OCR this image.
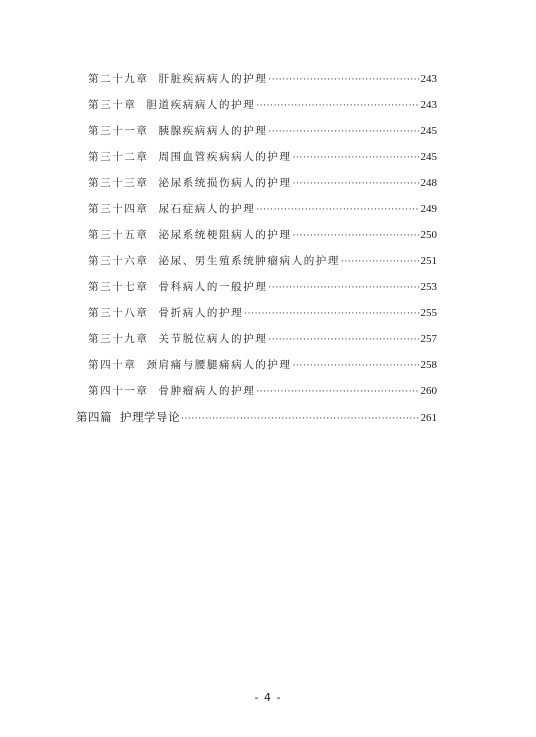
第二十九章 肝脏疾病病人的护理 ·····	243
第三十章 胆道疾病病人的护理 ·····	243
第三十一章 胰腺疾病病人的护理 ·····	245
第三十二章 周围血管疾病病人的护理 ·····	245
第三十三章 泌尿系统损伤病人的护理 ·····	248
第三十四章 尿石症病人的护理 ·····	249
第三十五章 泌尿系统梗阻病人的护理 ·····	250
第三十六章 泌尿、男生殖系统肿瘤病人的护理 ·····	251
第三十七章 骨科病人的一般护理 ·····	253
第三十八章 骨折病人的护理 ·····	255
第三十九章 关节脱位病人的护理 ·····	257
第四十章 颈肩痛与腰腿痛病人的护理 ·····	258
第四十一章 骨肿瘤病人的护理 ·····	260
第四篇 护理学导论 ·····	261
- 4 -
